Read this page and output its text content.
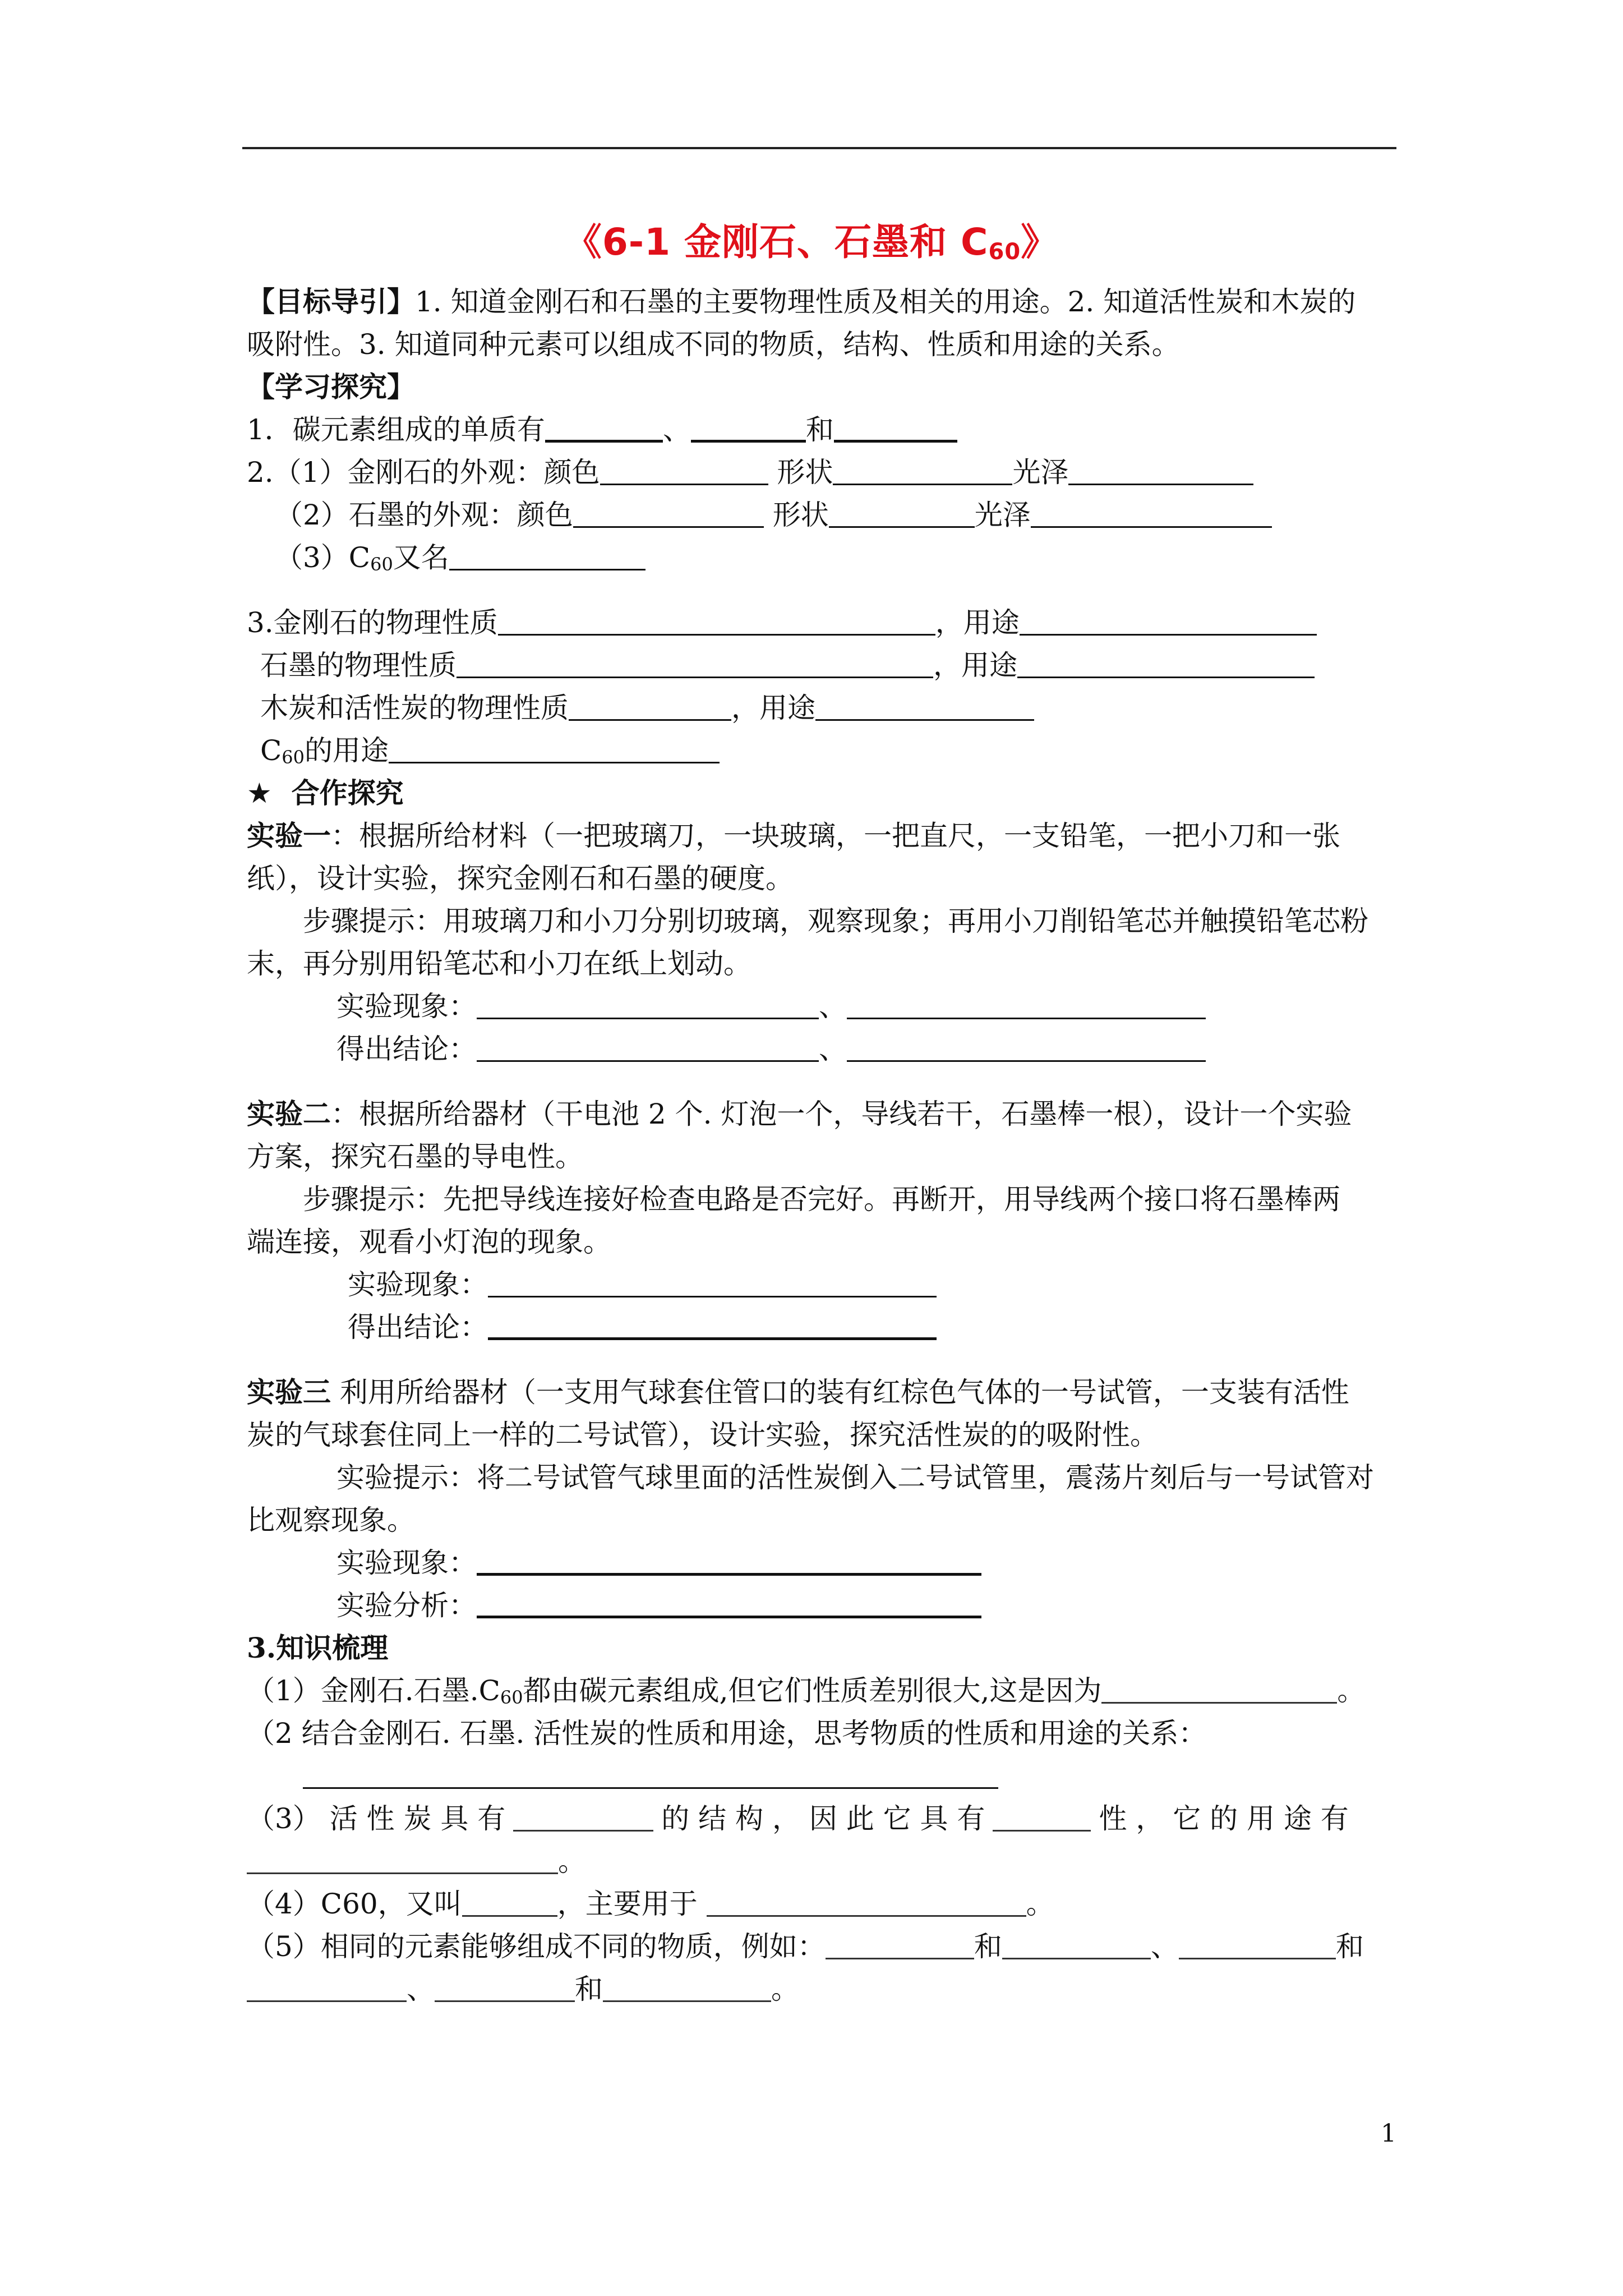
《6-1 金刚石、石墨和 $C_{60}$》
【目标导引】1. 知道金刚石和石墨的主要物理性质及相关的用途。2. 知道活性炭和木炭的
吸附性。3. 知道同种元素可以组成不同的物质，结构、性质和用途的关系。
【学习探究】
1．碳元素组成的单质有	、	和
2.（1）金刚石的外观：颜色	形状	光泽
（2）石墨的外观：颜色	形状	光泽
$(3)C_{60}$又名
3.金刚石的物理性质	，用途
石墨的物理性质	，用途
木炭和活性炭的物理性质	，用途
$C_{60}$的用途
★  合作探究
实验一：根据所给材料（一把玻璃刀，一块玻璃，一把直尺，一支铅笔，一把小刀和一张
纸），设计实验，探究金刚石和石墨的硬度。
步骤提示：用玻璃刀和小刀分别切玻璃，观察现象；再用小刀削铅笔芯并触摸铅笔芯粉
末，再分别用铅笔芯和小刀在纸上划动。
实验现象：	、
得出结论：	、
实验二：根据所给器材（干电池 2 个. 灯泡一个，导线若干，石墨棒一根），设计一个实验
方案，探究石墨的导电性。
步骤提示：先把导线连接好检查电路是否完好。再断开，用导线两个接口将石墨棒两
端连接，观看小灯泡的现象。
实验现象：
得出结论：
实验三 利用所给器材（一支用气球套住管口的装有红棕色气体的一号试管，一支装有活性
炭的气球套住同上一样的二号试管），设计实验，探究活性炭的的吸附性。
实验提示：将二号试管气球里面的活性炭倒入二号试管里，震荡片刻后与一号试管对
比观察现象。
实验现象：
实验分析：
3.知识梳理
（1）金刚石.石墨$.C_{60}$都由碳元素组成,但它们性质差别很大,这是因为	。
（2 结合金刚石. 石墨. 活性炭的性质和用途，思考物质的性质和用途的关系：
（3） 活 性 炭 具 有	的 结 构 ， 因 此 它 具 有	性 ， 它 的 用 途 有
。
（4）C60，又叫	，主要用于	。
（5）相同的元素能够组成不同的物质，例如：	和	、	和
、	和	。
1
